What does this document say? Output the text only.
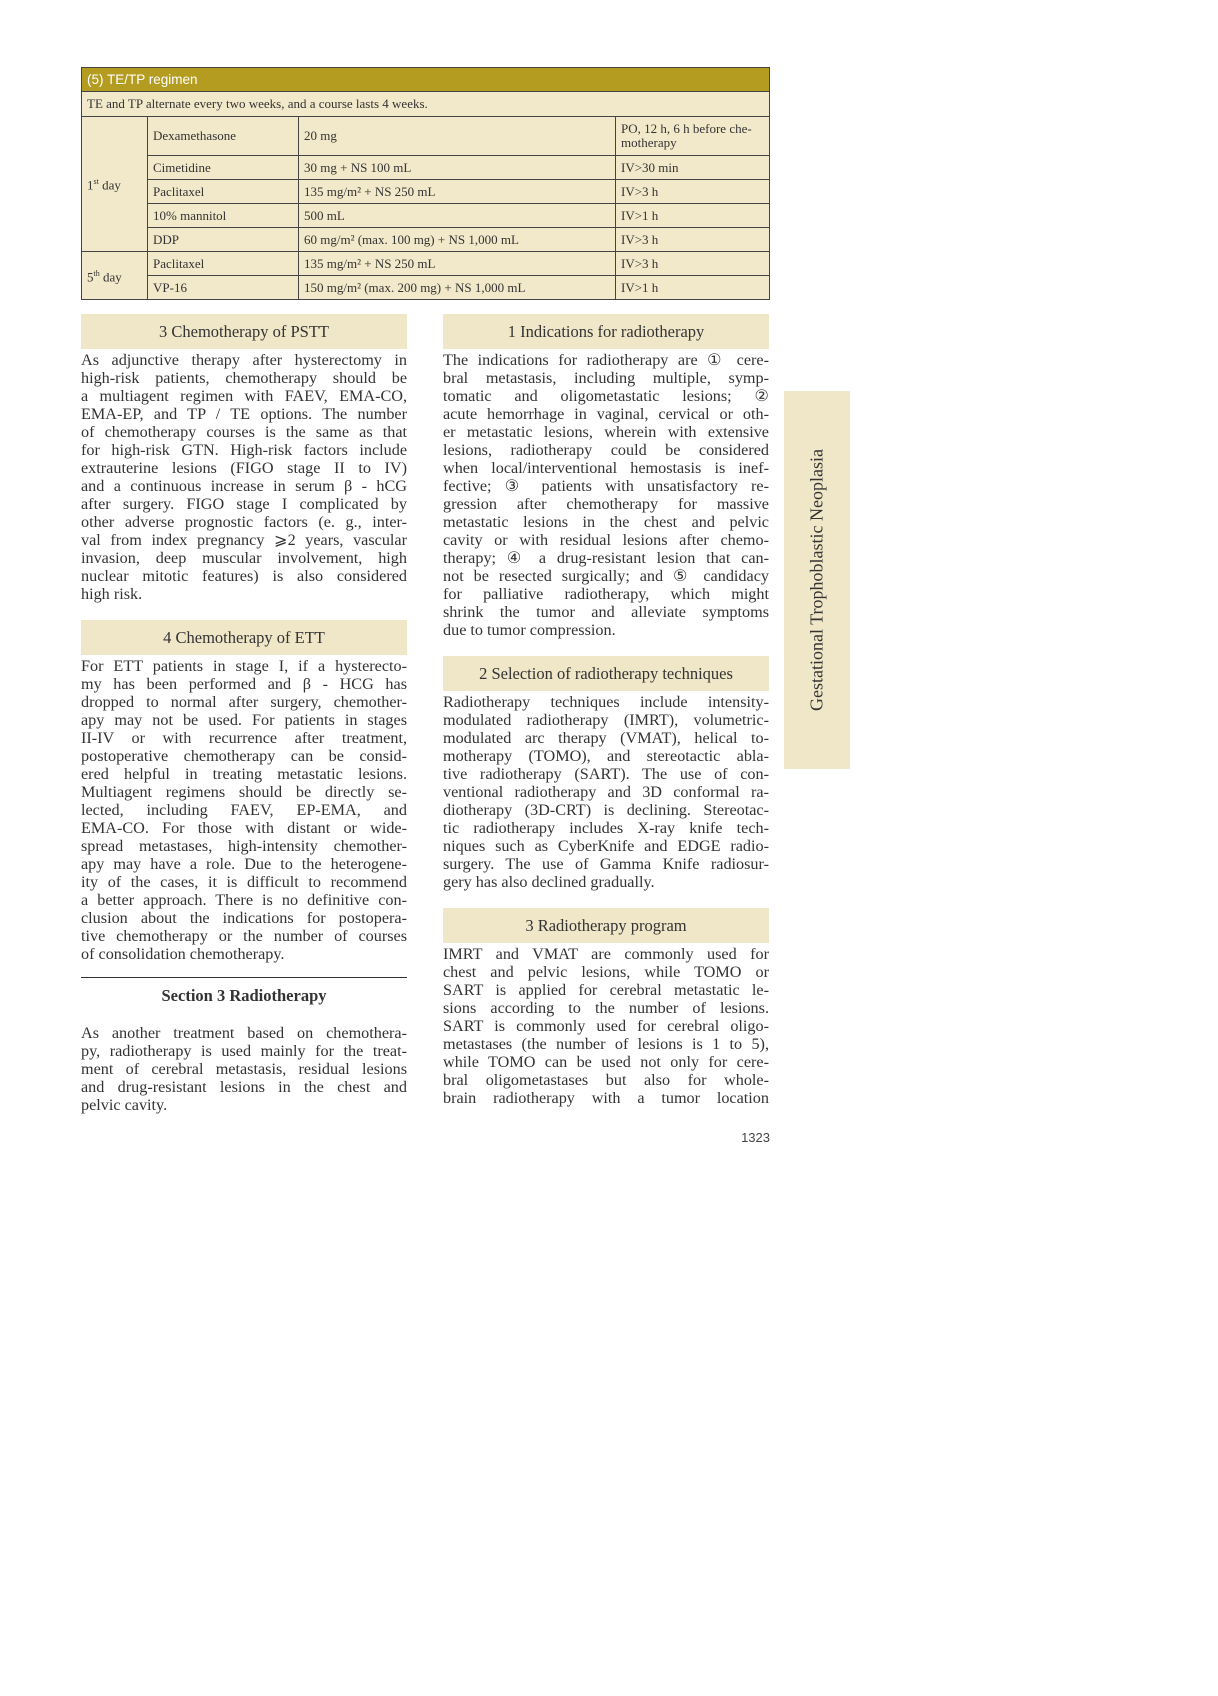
(5) TE/TP regimen			
TE and TP alternate every two weeks, and a course lasts 4 weeks.			
1st day	Dexamethasone	20 mg	PO, 12 h, 6 h before che-motherapy
	Cimetidine	30 mg + NS 100 mL	IV>30 min
	Paclitaxel	135 mg/m² + NS 250 mL	IV>3 h
	10% mannitol	500 mL	IV>1 h
	DDP	60 mg/m² (max. 100 mg) + NS 1,000 mL	IV>3 h
5th day	Paclitaxel	135 mg/m² + NS 250 mL	IV>3 h
	VP-16	150 mg/m² (max. 200 mg) + NS 1,000 mL	IV>1 h
3 Chemotherapy of PSTT
As adjunctive therapy after hysterectomy in
high-risk patients, chemotherapy should be
a multiagent regimen with FAEV, EMA-CO,
EMA-EP, and TP / TE options. The number
of chemotherapy courses is the same as that
for high-risk GTN. High-risk factors include
extrauterine lesions (FIGO stage II to IV)
and a continuous increase in serum β - hCG
after surgery. FIGO stage I complicated by
other adverse prognostic factors (e. g., inter-
val from index pregnancy ⩾2 years, vascular
invasion, deep muscular involvement, high
nuclear mitotic features) is also considered
high risk.
4 Chemotherapy of ETT
For ETT patients in stage I, if a hysterecto-
my has been performed and β - HCG has
dropped to normal after surgery, chemother-
apy may not be used. For patients in stages
II-IV or with recurrence after treatment,
postoperative chemotherapy can be consid-
ered helpful in treating metastatic lesions.
Multiagent regimens should be directly se-
lected, including FAEV, EP-EMA, and
EMA-CO. For those with distant or wide-
spread metastases, high-intensity chemother-
apy may have a role. Due to the heterogene-
ity of the cases, it is difficult to recommend
a better approach. There is no definitive con-
clusion about the indications for postopera-
tive chemotherapy or the number of courses
of consolidation chemotherapy.
Section 3 Radiotherapy
As another treatment based on chemothera-
py, radiotherapy is used mainly for the treat-
ment of cerebral metastasis, residual lesions
and drug-resistant lesions in the chest and
pelvic cavity.
1 Indications for radiotherapy
The indications for radiotherapy are ① cere-
bral metastasis, including multiple, symp-
tomatic and oligometastatic lesions; ②
acute hemorrhage in vaginal, cervical or oth-
er metastatic lesions, wherein with extensive
lesions, radiotherapy could be considered
when local/interventional hemostasis is inef-
fective; ③ patients with unsatisfactory re-
gression after chemotherapy for massive
metastatic lesions in the chest and pelvic
cavity or with residual lesions after chemo-
therapy; ④ a drug-resistant lesion that can-
not be resected surgically; and ⑤ candidacy
for palliative radiotherapy, which might
shrink the tumor and alleviate symptoms
due to tumor compression.
2 Selection of radiotherapy techniques
Radiotherapy techniques include intensity-
modulated radiotherapy (IMRT), volumetric-
modulated arc therapy (VMAT), helical to-
motherapy (TOMO), and stereotactic abla-
tive radiotherapy (SART). The use of con-
ventional radiotherapy and 3D conformal ra-
diotherapy (3D-CRT) is declining. Stereotac-
tic radiotherapy includes X-ray knife tech-
niques such as CyberKnife and EDGE radio-
surgery. The use of Gamma Knife radiosur-
gery has also declined gradually.
3 Radiotherapy program
IMRT and VMAT are commonly used for
chest and pelvic lesions, while TOMO or
SART is applied for cerebral metastatic le-
sions according to the number of lesions.
SART is commonly used for cerebral oligo-
metastases (the number of lesions is 1 to 5),
while TOMO can be used not only for cere-
bral oligometastases but also for whole-
brain radiotherapy with a tumor location
Gestational Trophoblastic Neoplasia
1323
